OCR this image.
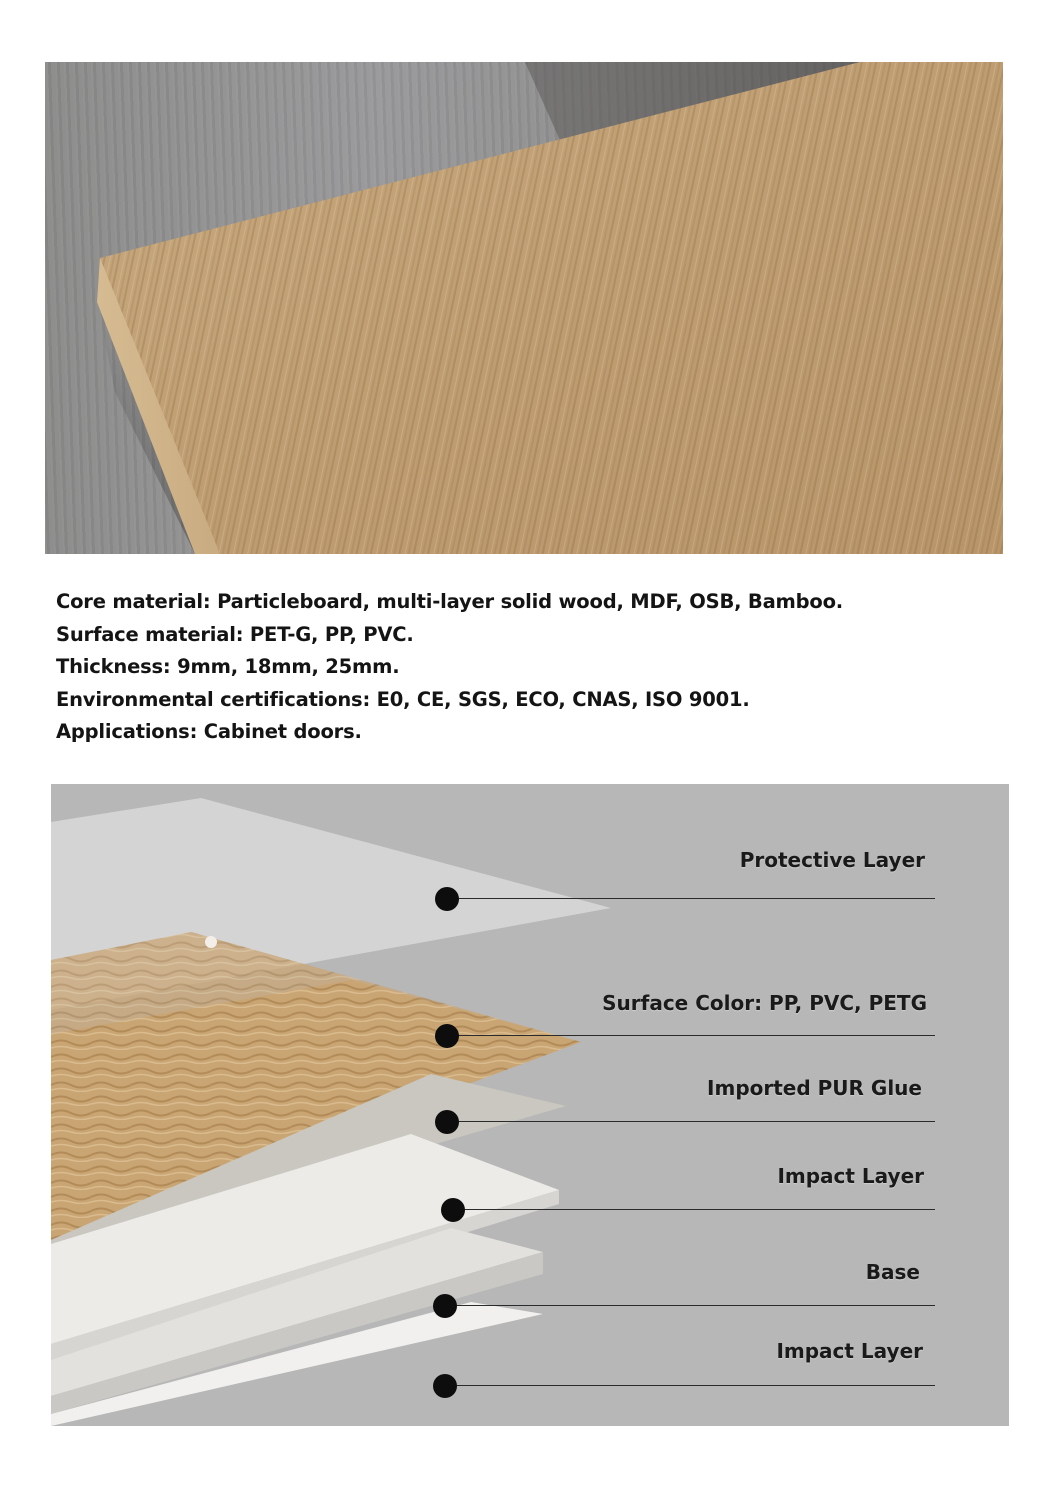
Core material: Particleboard, multi-layer solid wood, MDF, OSB, Bamboo.
Surface material: PET-G, PP, PVC.
Thickness: 9mm, 18mm, 25mm.
Environmental certifications: E0, CE, SGS, ECO, CNAS, ISO 9001.
Applications: Cabinet doors.
Protective Layer
Surface Color: PP, PVC, PETG
Imported PUR Glue
Impact Layer
Base
Impact Layer
